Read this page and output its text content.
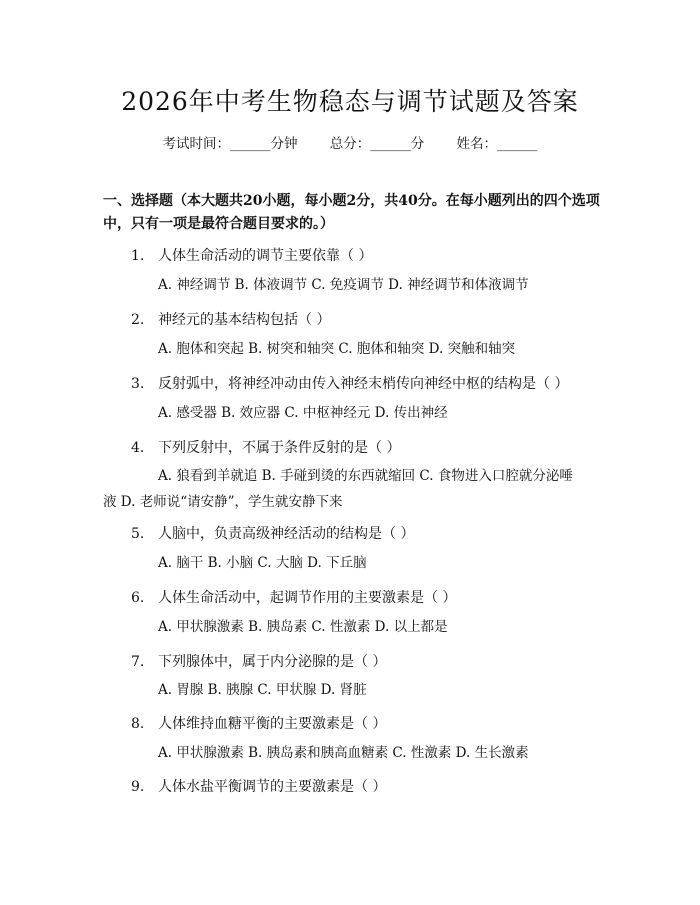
2026年中考生物稳态与调节试题及答案
考试时间：______分钟 总分：______分 姓名：______
一、选择题（本大题共20小题，每小题2分，共40分。在每小题列出的四个选项中，只有一项是最符合题目要求的。）
1. 人体生命活动的调节主要依靠（ ）
A. 神经调节 B. 体液调节 C. 免疫调节 D. 神经调节和体液调节
2. 神经元的基本结构包括（ ）
A. 胞体和突起 B. 树突和轴突 C. 胞体和轴突 D. 突触和轴突
3. 反射弧中，将神经冲动由传入神经末梢传向神经中枢的结构是（ ）
A. 感受器 B. 效应器 C. 中枢神经元 D. 传出神经
4. 下列反射中，不属于条件反射的是（ ）
A. 狼看到羊就追 B. 手碰到烫的东西就缩回 C. 食物进入口腔就分泌唾液 D. 老师说“请安静”，学生就安静下来
5. 人脑中，负责高级神经活动的结构是（ ）
A. 脑干 B. 小脑 C. 大脑 D. 下丘脑
6. 人体生命活动中，起调节作用的主要激素是（ ）
A. 甲状腺激素 B. 胰岛素 C. 性激素 D. 以上都是
7. 下列腺体中，属于内分泌腺的是（ ）
A. 胃腺 B. 胰腺 C. 甲状腺 D. 肾脏
8. 人体维持血糖平衡的主要激素是（ ）
A. 甲状腺激素 B. 胰岛素和胰高血糖素 C. 性激素 D. 生长激素
9. 人体水盐平衡调节的主要激素是（ ）
